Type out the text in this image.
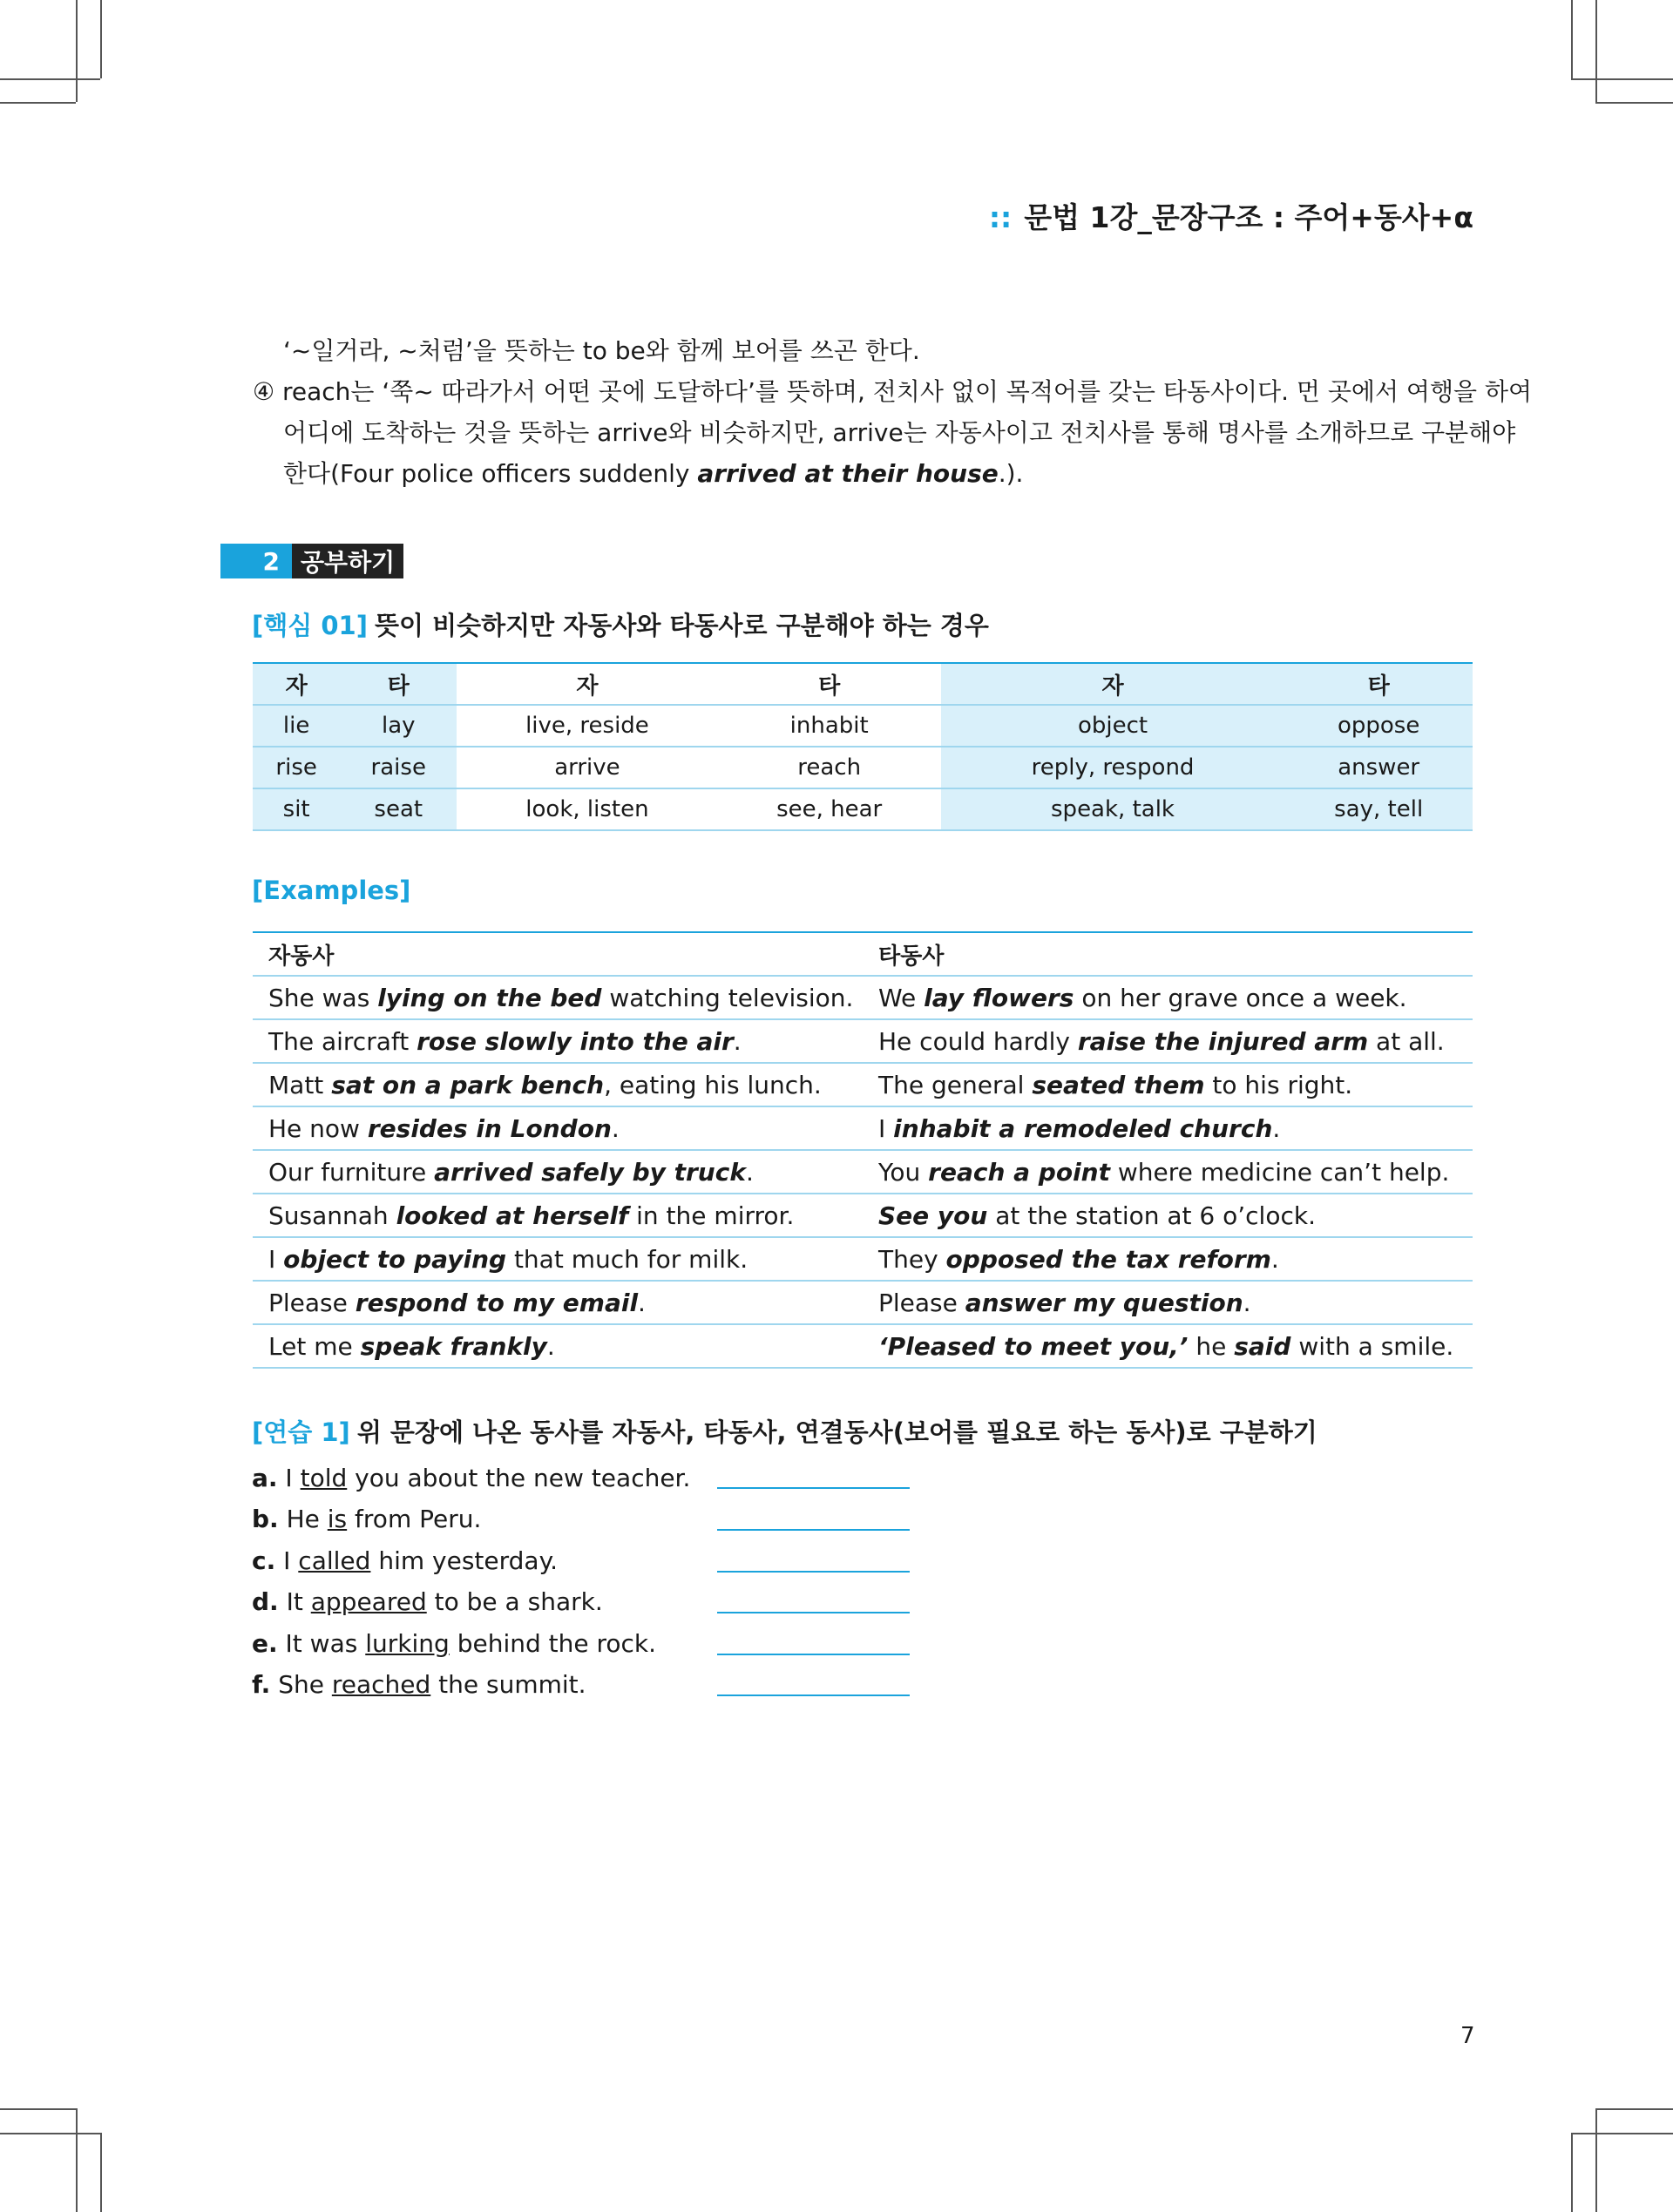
:: 문법 1강_문장구조 : 주어+동사+α
‘~일거라, ~처럼’을 뜻하는 to be와 함께 보어를 쓰곤 한다.
④ reach는 ‘쭉~ 따라가서 어떤 곳에 도달하다’를 뜻하며, 전치사 없이 목적어를 갖는 타동사이다. 먼 곳에서 여행을 하여
어디에 도착하는 것을 뜻하는 arrive와 비슷하지만, arrive는 자동사이고 전치사를 통해 명사를 소개하므로 구분해야
한다(Four police officers suddenly arrived at their house.).
2 공부하기
[핵심 01] 뜻이 비슷하지만 자동사와 타동사로 구분해야 하는 경우
자	타	자	타	자	타
lie	lay	live, reside	inhabit	object	oppose
rise	raise	arrive	reach	reply, respond	answer
sit	seat	look, listen	see, hear	speak, talk	say, tell
[Examples]
자동사	타동사
She was lying on the bed watching television.	We lay flowers on her grave once a week.
The aircraft rose slowly into the air.	He could hardly raise the injured arm at all.
Matt sat on a park bench, eating his lunch.	The general seated them to his right.
He now resides in London.	I inhabit a remodeled church.
Our furniture arrived safely by truck.	You reach a point where medicine can’t help.
Susannah looked at herself in the mirror.	See you at the station at 6 o’clock.
I object to paying that much for milk.	They opposed the tax reform.
Please respond to my email.	Please answer my question.
Let me speak frankly.	‘Pleased to meet you,’ he said with a smile.
[연습 1] 위 문장에 나온 동사를 자동사, 타동사, 연결동사(보어를 필요로 하는 동사)로 구분하기
a. I told you about the new teacher.
b. He is from Peru.
c. I called him yesterday.
d. It appeared to be a shark.
e. It was lurking behind the rock.
f. She reached the summit.
7
